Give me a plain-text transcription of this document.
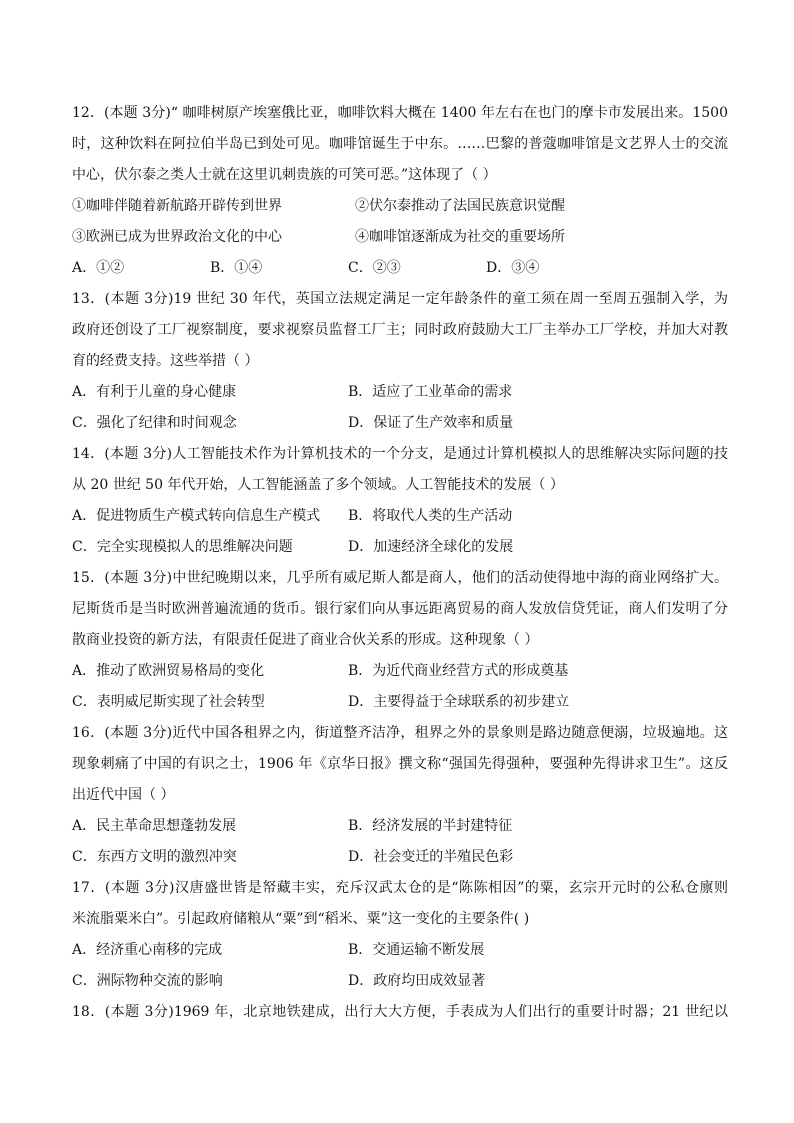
12．(本题 3分)“ 咖啡树原产埃塞俄比亚，咖啡饮料大概在 1400 年左右在也门的摩卡市发展出来。1500
时，这种饮料在阿拉伯半岛已到处可见。咖啡馆诞生于中东。……巴黎的普蔻咖啡馆是文艺界人士的交流
中心，伏尔泰之类人士就在这里讥刺贵族的可笑可恶。”这体现了（ ）
①咖啡伴随着新航路开辟传到世界	②伏尔泰推动了法国民族意识觉醒
③欧洲已成为世界政治文化的中心	④咖啡馆逐渐成为社交的重要场所
A．①②	B．①④	C．②③	D．③④
13．(本题 3分)19 世纪 30 年代，英国立法规定满足一定年龄条件的童工须在周一至周五强制入学，为
政府还创设了工厂视察制度，要求视察员监督工厂主；同时政府鼓励大工厂主举办工厂学校，并加大对教
育的经费支持。这些举措（ ）
A．有利于儿童的身心健康	B．适应了工业革命的需求
C．强化了纪律和时间观念	D．保证了生产效率和质量
14．(本题 3分)人工智能技术作为计算机技术的一个分支，是通过计算机模拟人的思维解决实际问题的技
从 20 世纪 50 年代开始，人工智能涵盖了多个领域。人工智能技术的发展（ ）
A．促进物质生产模式转向信息生产模式	B．将取代人类的生产活动
C．完全实现模拟人的思维解决问题	D．加速经济全球化的发展
15．(本题 3分)中世纪晚期以来，几乎所有威尼斯人都是商人，他们的活动使得地中海的商业网络扩大。
尼斯货币是当时欧洲普遍流通的货币。银行家们向从事远距离贸易的商人发放信贷凭证，商人们发明了分
散商业投资的新方法，有限责任促进了商业合伙关系的形成。这种现象（ ）
A．推动了欧洲贸易格局的变化	B．为近代商业经营方式的形成奠基
C．表明威尼斯实现了社会转型	D．主要得益于全球联系的初步建立
16．(本题 3分)近代中国各租界之内，街道整齐洁净，租界之外的景象则是路边随意便溺，垃圾遍地。这
现象刺痛了中国的有识之士，1906 年《京华日报》撰文称“强国先得强种，要强种先得讲求卫生”。这反
出近代中国（ ）
A．民主革命思想蓬勃发展	B．经济发展的半封建特征
C．东西方文明的激烈冲突	D．社会变迁的半殖民色彩
17．(本题 3分)汉唐盛世皆是帑藏丰实，充斥汉武太仓的是“陈陈相因”的粟，玄宗开元时的公私仓廪则
米流脂粟米白”。引起政府储粮从“粟”到“稻米、粟”这一变化的主要条件( )
A．经济重心南移的完成	B．交通运输不断发展
C．洲际物种交流的影响	D．政府均田成效显著
18．(本题 3分)1969 年，北京地铁建成，出行大大方便，手表成为人们出行的重要计时器；21 世纪以
